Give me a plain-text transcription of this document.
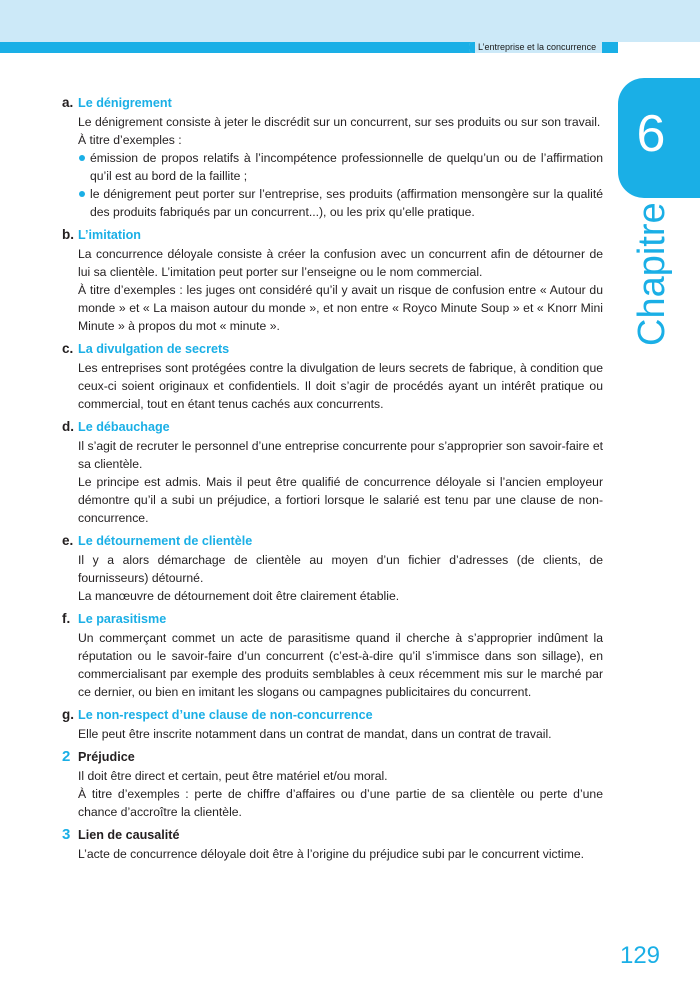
L’entreprise et la concurrence
6
Chapitre
a. Le dénigrement

Le dénigrement consiste à jeter le discrédit sur un concurrent, sur ses produits ou sur son travail.

À titre d’exemples :

émission de propos relatifs à l’incompétence professionnelle de quelqu’un ou de l’affirmation qu’il est au bord de la faillite ;
le dénigrement peut porter sur l’entreprise, ses produits (affirmation mensongère sur la qualité des produits fabriqués par un concurrent...), ou les prix qu’elle pratique.
b. L’imitation

La concurrence déloyale consiste à créer la confusion avec un concurrent afin de détourner de lui sa clientèle. L’imitation peut porter sur l’enseigne ou le nom commercial.

À titre d’exemples : les juges ont considéré qu’il y avait un risque de confusion entre « Autour du monde » et « La maison autour du monde », et non entre « Royco Minute Soup » et « Knorr Mini Minute » à propos du mot « minute ».

c. La divulgation de secrets

Les entreprises sont protégées contre la divulgation de leurs secrets de fabrique, à condition que ceux-ci soient originaux et confidentiels. Il doit s’agir de procédés ayant un intérêt pratique ou commercial, tout en étant tenus cachés aux concurrents.

d. Le débauchage

Il s’agit de recruter le personnel d’une entreprise concurrente pour s’approprier son savoir-faire et sa clientèle.

Le principe est admis. Mais il peut être qualifié de concurrence déloyale si l’ancien employeur démontre qu’il a subi un préjudice, a fortiori lorsque le salarié est tenu par une clause de non-concurrence.

e. Le détournement de clientèle

Il y a alors démarchage de clientèle au moyen d’un fichier d’adresses (de clients, de fournisseurs) détourné.

La manœuvre de détournement doit être clairement établie.

f. Le parasitisme

Un commerçant commet un acte de parasitisme quand il cherche à s’approprier indûment la réputation ou le savoir-faire d’un concurrent (c’est-à-dire qu’il s’immisce dans son sillage), en commercialisant par exemple des produits semblables à ceux récemment mis sur le marché par ce dernier, ou bien en imitant les slogans ou campagnes publicitaires du concurrent.

g. Le non-respect d’une clause de non-concurrence

Elle peut être inscrite notamment dans un contrat de mandat, dans un contrat de travail.

2 Préjudice

Il doit être direct et certain, peut être matériel et/ou moral.

À titre d’exemples : perte de chiffre d’affaires ou d’une partie de sa clientèle ou perte d’une chance d’accroître la clientèle.

3 Lien de causalité

L’acte de concurrence déloyale doit être à l’origine du préjudice subi par le concurrent victime.

129
